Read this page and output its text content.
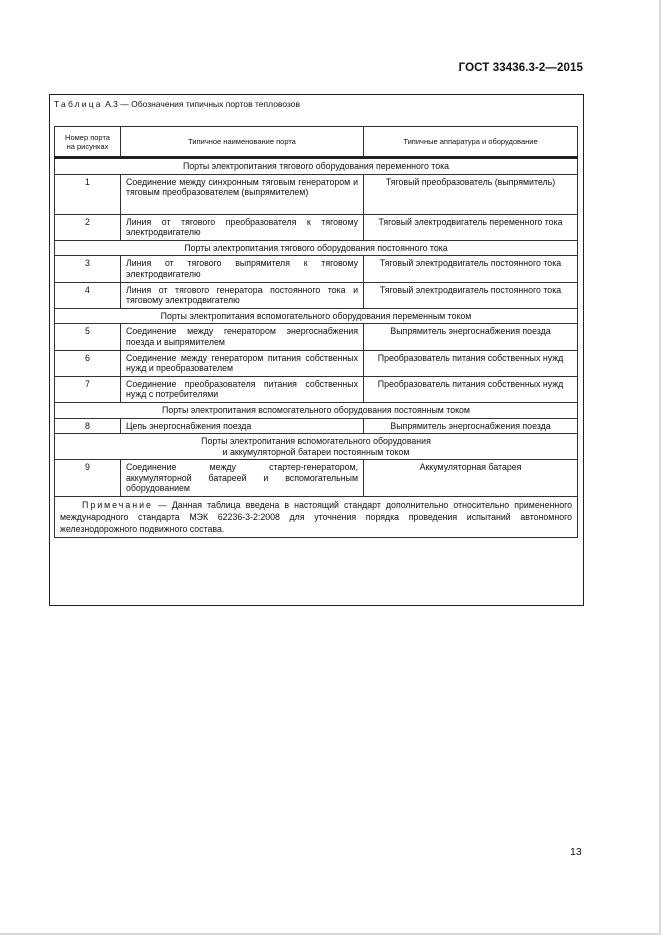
ГОСТ 33436.3-2—2015
Таблица А.3 — Обозначения типичных портов тепловозов
Номер порта на рисунках	Типичное наименование порта	Типичные аппаратура и оборудование
Порты электропитания тягового оборудования переменного тока		
1	Соединение между синхронным тяговым генератором и тяговым преобразователем (выпрямителем)	Тяговый преобразователь (выпрямитель)
2	Линия от тягового преобразователя к тяговому электродвигателю	Тяговый электродвигатель переменного тока
Порты электропитания тягового оборудования постоянного тока		
3	Линия от тягового выпрямителя к тяговому электродвигателю	Тяговый электродвигатель постоянного тока
4	Линия от тягового генератора постоянного тока и тяговому электродвигателю	Тяговый электродвигатель постоянного тока
Порты электропитания вспомогательного оборудования переменным током		
5	Соединение между генератором энергоснабжения поезда и выпрямителем	Выпрямитель энергоснабжения поезда
6	Соединение между генератором питания собственных нужд и преобразователем	Преобразователь питания собственных нужд
7	Соединение преобразователя питания собственных нужд с потребителями	Преобразователь питания собственных нужд
Порты электропитания вспомогательного оборудования постоянным током		
8	Цепь энергоснабжения поезда	Выпрямитель энергоснабжения поезда

Порты электропитания вспомогательного оборудования
и аккумуляторной батареи постоянным током		

9	Соединение между стартер-генератором, аккумуляторной батареей и вспомогательным оборудованием	Аккумуляторная батарея
Примечание — Данная таблица введена в настоящий стандарт дополнительно относительно примененного международного стандарта МЭК 62236-3-2:2008 для уточнения порядка проведения испытаний автономного железнодорожного подвижного состава.		
13
